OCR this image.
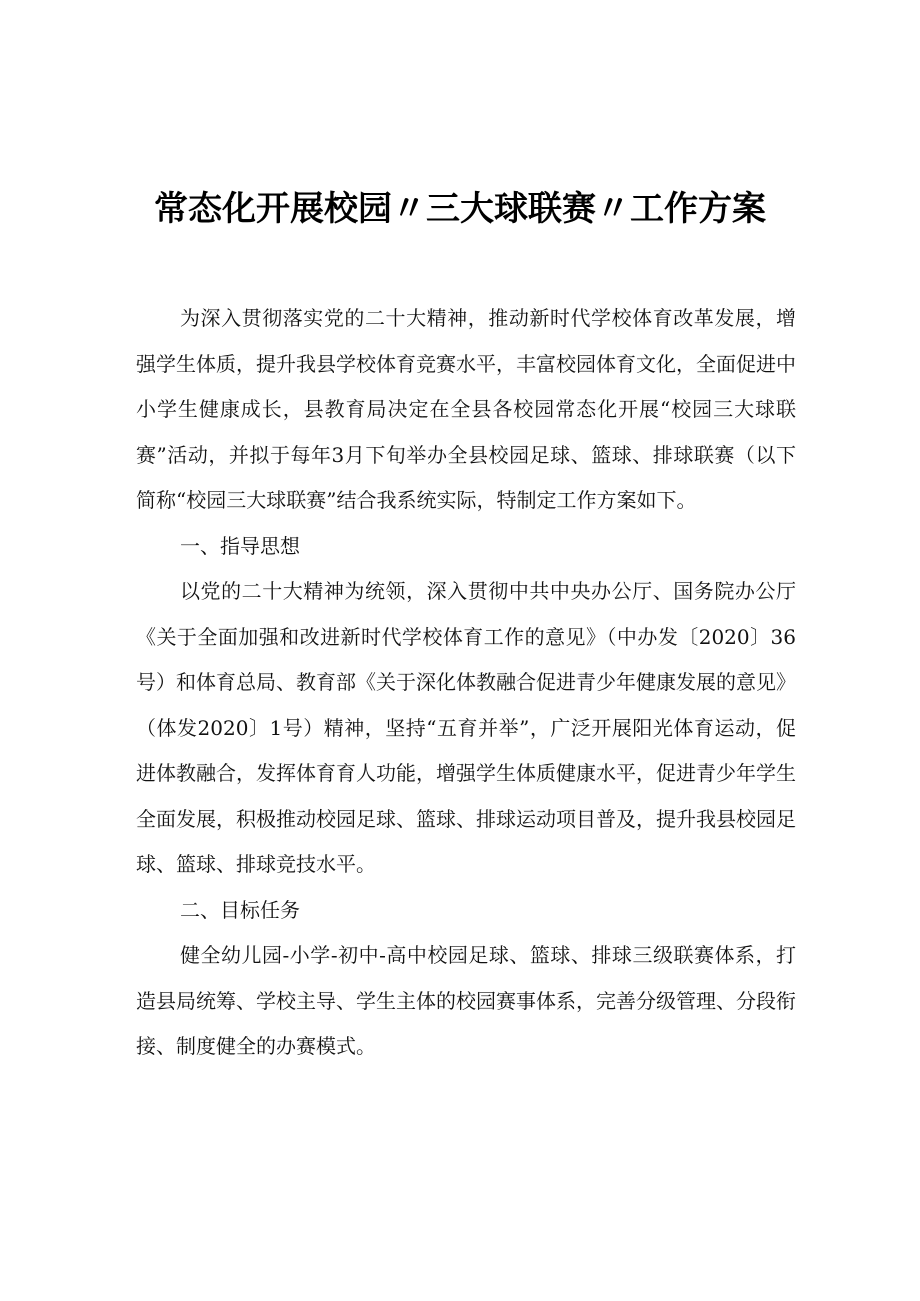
常态化开展校园〃三大球联赛〃工作方案

为深入贯彻落实党的二十大精神，推动新时代学校体育改革发展，增强学生体质，提升我县学校体育竞赛水平，丰富校园体育文化，全面促进中小学生健康成长，县教育局决定在全县各校园常态化开展“校园三大球联赛”活动，并拟于每年3月下旬举办全县校园足球、篮球、排球联赛（以下简称“校园三大球联赛”结合我系统实际，特制定工作方案如下。

一、指导思想

以党的二十大精神为统领，深入贯彻中共中央办公厅、国务院办公厅《关于全面加强和改进新时代学校体育工作的意见》（中办发〔2020〕36号）和体育总局、教育部《关于深化体教融合促进青少年健康发展的意见》（体发2020〕1号）精神，坚持“五育并举”，广泛开展阳光体育运动，促进体教融合，发挥体育育人功能，增强学生体质健康水平，促进青少年学生全面发展，积极推动校园足球、篮球、排球运动项目普及，提升我县校园足球、篮球、排球竞技水平。

二、目标任务

健全幼儿园-小学-初中-高中校园足球、篮球、排球三级联赛体系，打造县局统筹、学校主导、学生主体的校园赛事体系，完善分级管理、分段衔接、制度健全的办赛模式。
